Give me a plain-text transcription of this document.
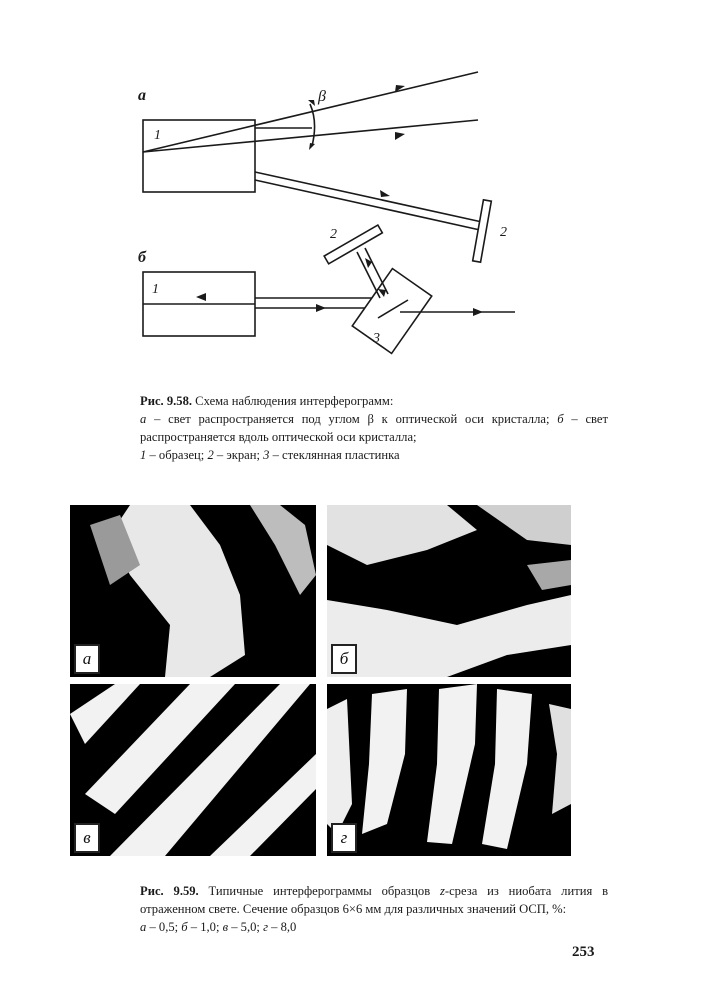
а	β
1
2
б
1
2
3
Рис. 9.58. Схема наблюдения интерферограмм:
а – свет распространяется под углом β к оптической оси кристалла; б – свет распространяется вдоль оптической оси кристалла;
1 – образец; 2 – экран; 3 – стеклянная пластинка
а	б
в	г
Рис. 9.59. Типичные интерферограммы образцов z-среза из ниобата лития в отраженном свете. Сечение образцов 6×6 мм для различных значений ОСП, %:
а – 0,5; б – 1,0; в – 5,0; г – 8,0
253
